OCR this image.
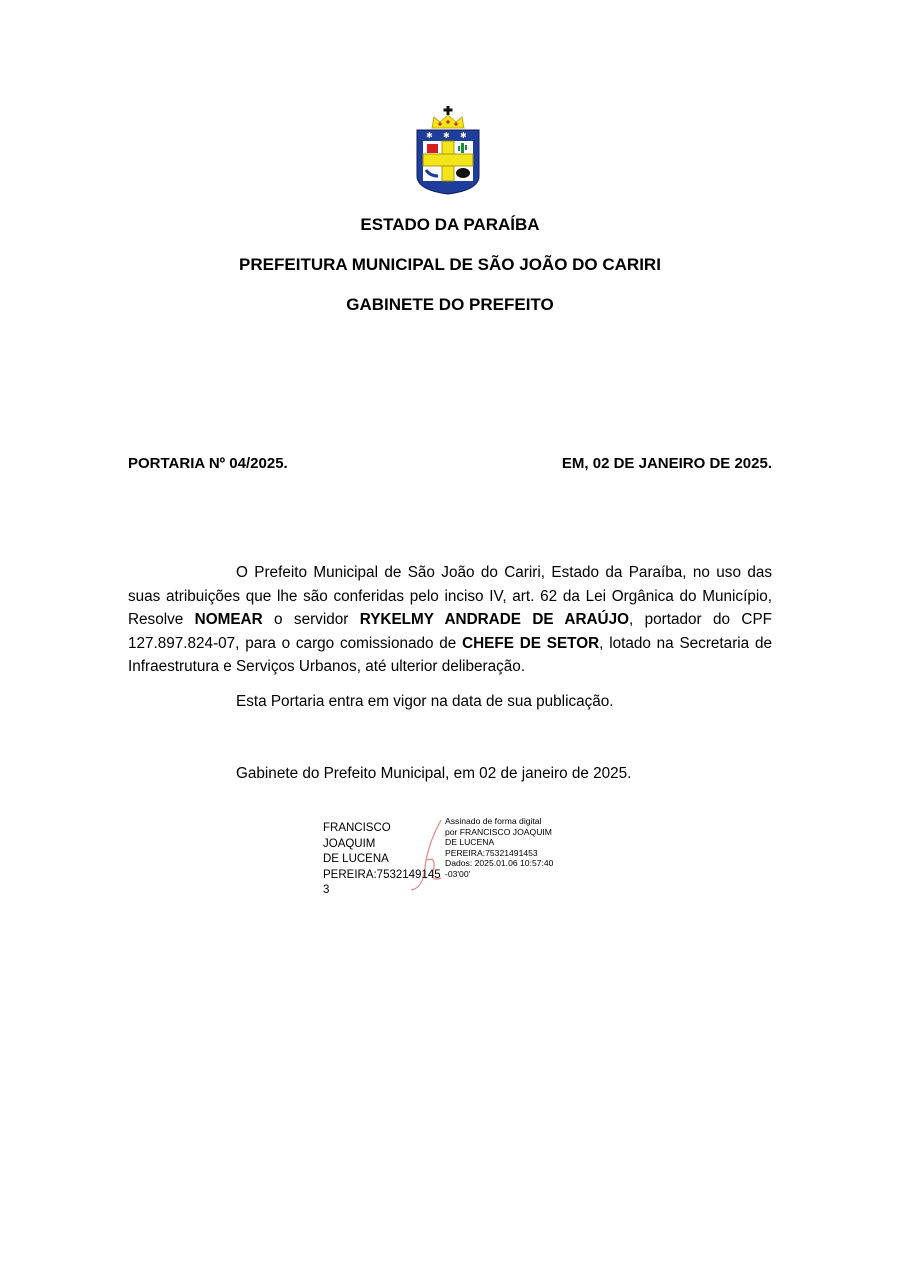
✱ ✱ ✱
ESTADO DA PARAÍBA
PREFEITURA MUNICIPAL DE SÃO JOÃO DO CARIRI
GABINETE DO PREFEITO
PORTARIA Nº 04/2025.	EM, 02 DE JANEIRO DE 2025.
O Prefeito Municipal de São João do Cariri, Estado da Paraíba, no uso das suas atribuições que lhe são conferidas pelo inciso IV, art. 62 da Lei Orgânica do Município, Resolve NOMEAR o servidor RYKELMY ANDRADE DE ARAÚJO, portador do CPF 127.897.824-07, para o cargo comissionado de CHEFE DE SETOR, lotado na Secretaria de Infraestrutura e Serviços Urbanos, até ulterior deliberação.
Esta Portaria entra em vigor na data de sua publicação.
Gabinete do Prefeito Municipal, em 02 de janeiro de 2025.
FRANCISCO JOAQUIM
DE LUCENA
PEREIRA:7532149145
3
Assinado de forma digital
por FRANCISCO JOAQUIM
DE LUCENA
PEREIRA:75321491453
Dados: 2025.01.06 10:57:40
-03'00'
